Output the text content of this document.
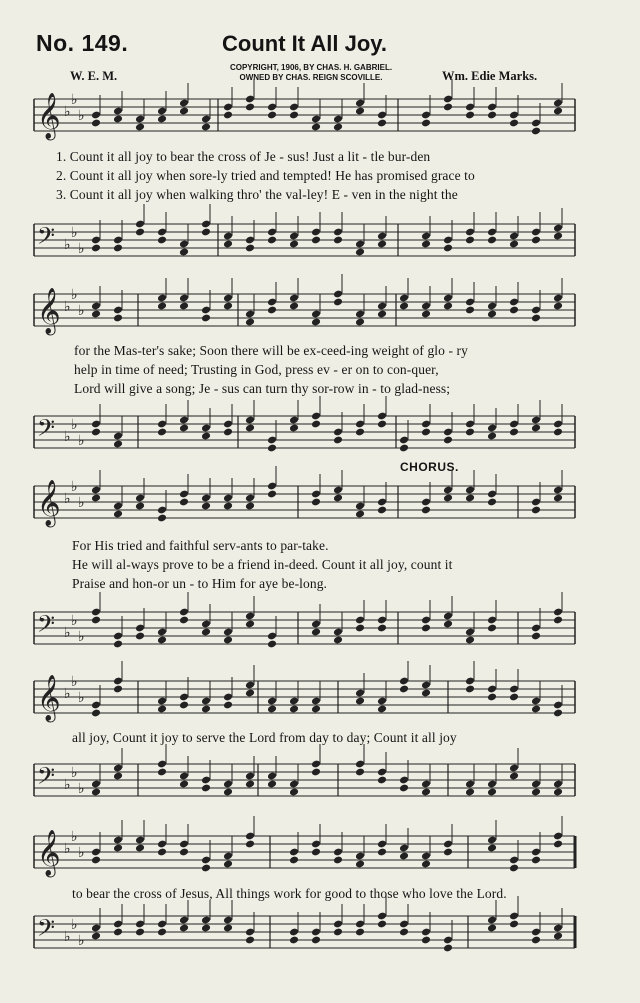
No. 149.	Count It All Joy.
COPYRIGHT, 1906, BY CHAS. H. GABRIEL.
OWNED BY CHAS. REIGN SCOVILLE.
W. E. M.	Wm. Edie Marks.
CHORUS.
𝄞 ♭
♭
♭
1. Count it all joy to bear the cross of Je - sus! Just a lit - tle bur-den
2. Count it all joy when sore-ly tried and tempted! He has promised grace to
3. Count it all joy when walking thro' the val-ley! E - ven in the night the
𝄢 ♭
♭
♭
𝄞 ♭
♭
♭
for the Mas-ter's sake; Soon there will be ex-ceed-ing weight of glo - ry
help in time of need; Trusting in God, press ev - er on to con-quer,
Lord will give a song; Je - sus can turn thy sor-row in - to glad-ness;
𝄢 ♭
♭
♭
𝄞 ♭
♭
♭
For His tried and faithful serv-ants to par-take.
He will al-ways prove to be a friend in-deed. Count it all joy, count it
Praise and hon-or un - to Him for aye be-long.
𝄢 ♭
♭
♭
𝄞 ♭
♭
♭
all joy, Count it joy to serve the Lord from day to day; Count it all joy
𝄢 ♭
♭
♭
𝄞 ♭
♭
♭
to bear the cross of Jesus, All things work for good to those who love the Lord.
𝄢 ♭
♭
♭
